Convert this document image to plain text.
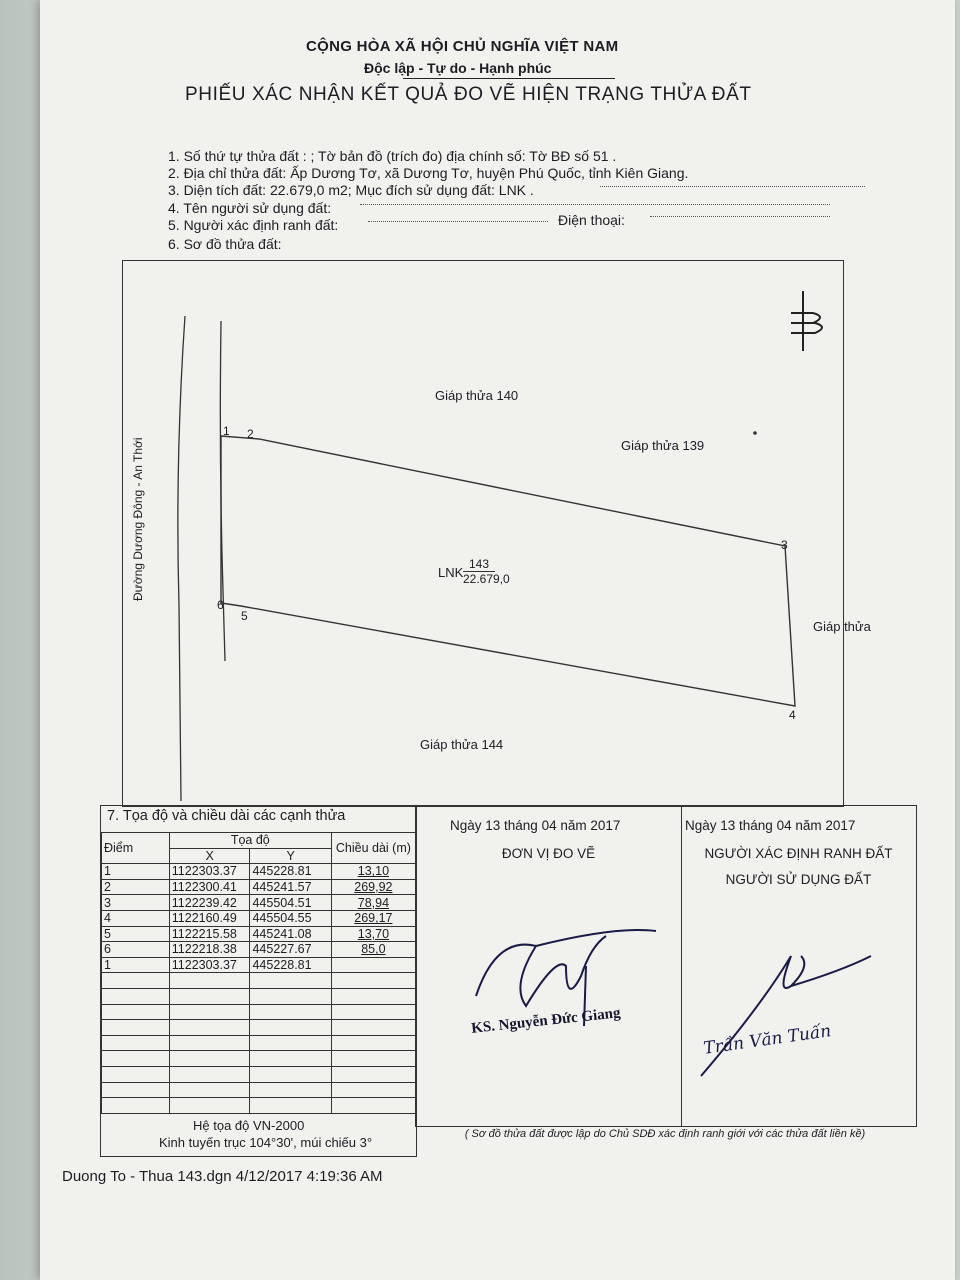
CỘNG HÒA XÃ HỘI CHỦ NGHĨA VIỆT NAM
Độc lập - Tự do - Hạnh phúc
PHIẾU XÁC NHẬN KẾT QUẢ ĐO VẼ HIỆN TRẠNG THỬA ĐẤT
1. Số thứ tự thửa đất : ; Tờ bản đồ (trích đo) địa chính số: Tờ BĐ số 51 .
2. Địa chỉ thửa đất: Ấp Dương Tơ, xã Dương Tơ, huyện Phú Quốc, tỉnh Kiên Giang.
3. Diện tích đất: 22.679,0 m2; Mục đích sử dụng đất: LNK .
4. Tên người sử dụng đất:
5. Người xác định ranh đất:	Điện thoại:
6. Sơ đồ thửa đất:
Đường Dương Đông - An Thới
Giáp thửa 140
Giáp thửa 139
Giáp thửa
Giáp thửa 144
LNK
143
22.679,0
1 2
3
4
5
6
7. Tọa độ và chiều dài các cạnh thửa
Điểm	Tọa độ		Chiều dài (m)
	X	Y	
1	1122303.37	445228.81	13,10
2	1122300.41	445241.57	269,92
3	1122239.42	445504.51	78,94
4	1122160.49	445504.55	269,17
5	1122215.58	445241.08	13,70
6	1122218.38	445227.67	85,0
1	1122303.37	445228.81	

Hệ tọa độ VN-2000
Kinh tuyến trục 104°30', múi chiếu 3°
Ngày 13 tháng 04 năm 2017
ĐƠN VỊ ĐO VẼ
KS. Nguyễn Đức Giang
Ngày 13 tháng 04 năm 2017
NGƯỜI XÁC ĐỊNH RANH ĐẤT
NGƯỜI SỬ DỤNG ĐẤT
Trần Văn Tuấn
( Sơ đồ thửa đất được lập do Chủ SDĐ xác định ranh giới với các thửa đất liền kề)
Duong To - Thua 143.dgn 4/12/2017 4:19:36 AM
